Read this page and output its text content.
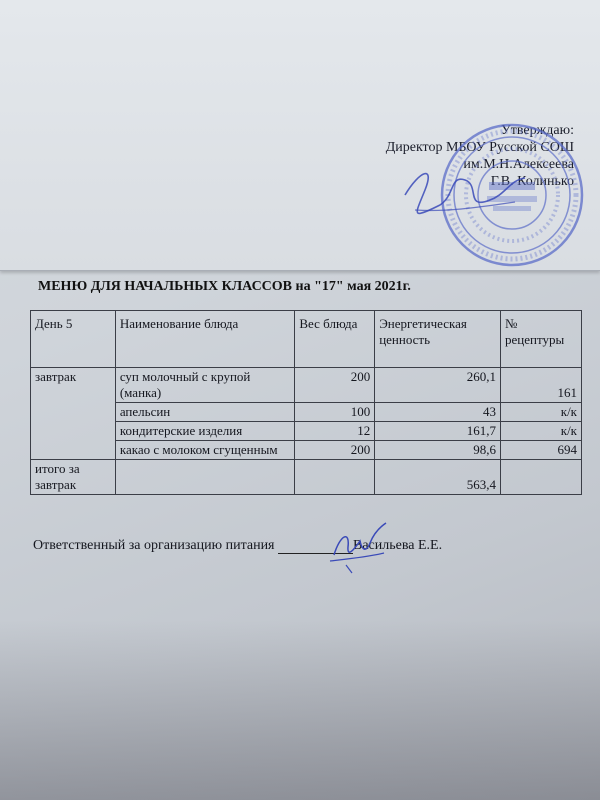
Утверждаю:
Директор МБОУ Русской СОШ
им.М.Н.Алексеева
Г.В. Колинько
МЕНЮ ДЛЯ НАЧАЛЬНЫХ КЛАССОВ на "17" мая 2021г.
День 5	Наименование блюда	Вес блюда	Энергетическая ценность	№ рецептуры
завтрак	суп молочный с крупой (манка)	200	260,1	161
	апельсин	100	43	к/к
	кондитерские изделия	12	161,7	к/к
	какао с молоком сгущенным	200	98,6	694
итого за завтрак			563,4	
Ответственный за организацию питания	Васильева Е.Е.
